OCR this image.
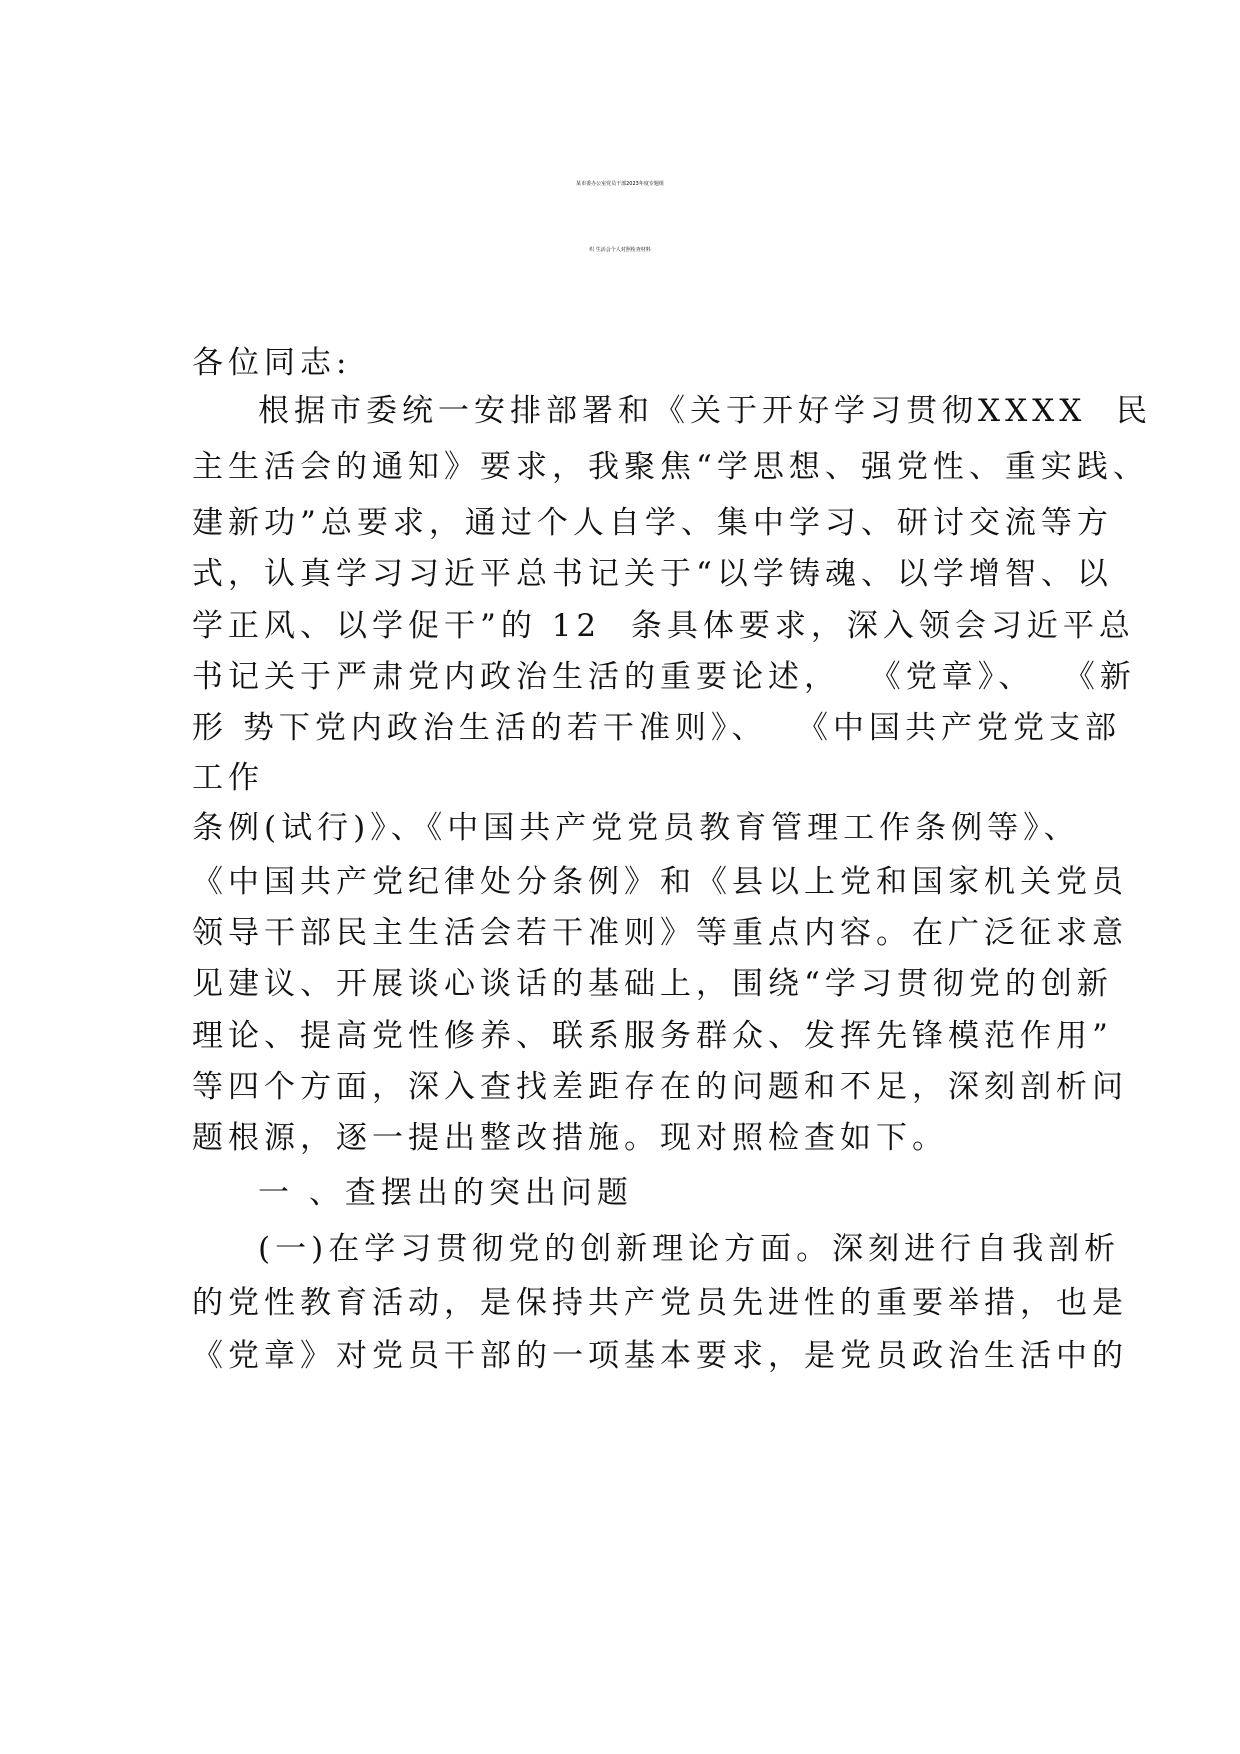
某市委办公室党员干部2023年度专题组
织 生活会个人对照检查材料
各位同志:
根据市委统一安排部署和《关于开好学习贯彻XXXX  民
主生活会的通知》要求，我聚焦“学思想、强党性、重实践、
建新功”总要求，通过个人自学、集中学习、研讨交流等方
式，认真学习习近平总书记关于“以学铸魂、以学增智、以
学正风、以学促干”的 12  条具体要求，深入领会习近平总
书记关于严肃党内政治生活的重要论述，  《党章》、  《新
形 势下党内政治生活的若干准则》、  《中国共产党党支部
工作
条例(试行)》、《中国共产党党员教育管理工作条例等》、
《中国共产党纪律处分条例》和《县以上党和国家机关党员
领导干部民主生活会若干准则》等重点内容。在广泛征求意
见建议、开展谈心谈话的基础上，围绕“学习贯彻党的创新
理论、提高党性修养、联系服务群众、发挥先锋模范作用”
等四个方面，深入查找差距存在的问题和不足，深刻剖析问
题根源，逐一提出整改措施。现对照检查如下。
一 、查摆出的突出问题
(一)在学习贯彻党的创新理论方面。深刻进行自我剖析
的党性教育活动，是保持共产党员先进性的重要举措，也是
《党章》对党员干部的一项基本要求，是党员政治生活中的
